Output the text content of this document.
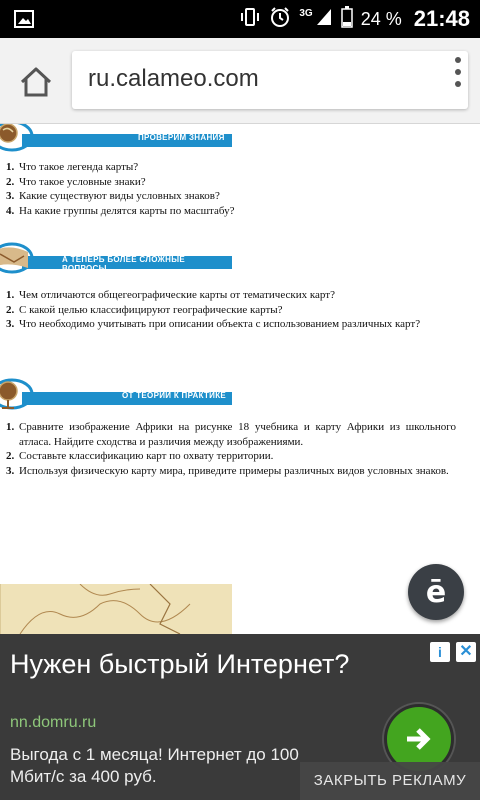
3G	24 % 21:48
ru.calameo.com
ПРОВЕРИМ ЗНАНИЯ
1. Что такое легенда карты?
2. Что такое условные знаки?
3. Какие существуют виды условных знаков?
4. На какие группы делятся карты по масштабу?
А ТЕПЕРЬ БОЛЕЕ СЛОЖНЫЕ ВОПРОСЫ
1. Чем отличаются общегеографические карты от тематических карт?
2. С какой целью классифицируют географические карты?
3. Что необходимо учитывать при описании объекта с использованием различных карт?
ОТ ТЕОРИИ К ПРАКТИКЕ
1. Сравните изображение Африки на рисунке 18 учебника и карту Африки из школьного атласа. Найдите сходства и различия между изображениями.
2. Составьте классификацию карт по охвату территории.
3. Используя физическую карту мира, приведите примеры различных видов условных знаков.
ē
Нужен быстрый Интернет?
nn.domru.ru
Выгода с 1 месяца! Интернет до 100 Мбит/с за 400 руб.
i	✕
ЗАКРЫТЬ РЕКЛАМУ
